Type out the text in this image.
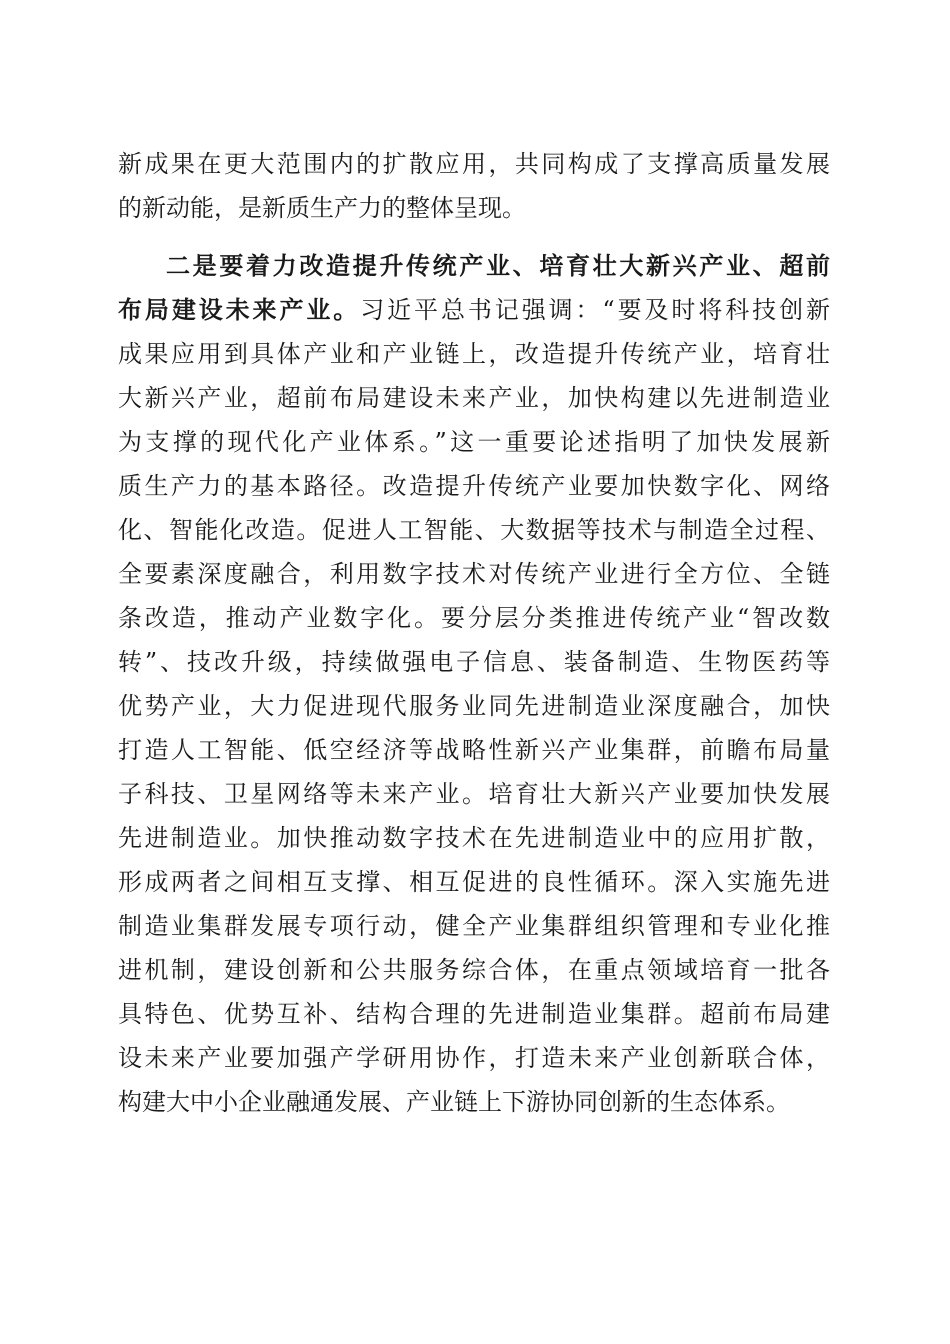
新成果在更大范围内的扩散应用，共同构成了支撑高质量发展
的新动能，是新质生产力的整体呈现。
二是要着力改造提升传统产业、培育壮大新兴产业、超前
布局建设未来产业。习近平总书记强调：“要及时将科技创新
成果应用到具体产业和产业链上，改造提升传统产业，培育壮
大新兴产业，超前布局建设未来产业，加快构建以先进制造业
为支撑的现代化产业体系。”这一重要论述指明了加快发展新
质生产力的基本路径。改造提升传统产业要加快数字化、网络
化、智能化改造。促进人工智能、大数据等技术与制造全过程、
全要素深度融合，利用数字技术对传统产业进行全方位、全链
条改造，推动产业数字化。要分层分类推进传统产业“智改数
转”、技改升级，持续做强电子信息、装备制造、生物医药等
优势产业，大力促进现代服务业同先进制造业深度融合，加快
打造人工智能、低空经济等战略性新兴产业集群，前瞻布局量
子科技、卫星网络等未来产业。培育壮大新兴产业要加快发展
先进制造业。加快推动数字技术在先进制造业中的应用扩散，
形成两者之间相互支撑、相互促进的良性循环。深入实施先进
制造业集群发展专项行动，健全产业集群组织管理和专业化推
进机制，建设创新和公共服务综合体，在重点领域培育一批各
具特色、优势互补、结构合理的先进制造业集群。超前布局建
设未来产业要加强产学研用协作，打造未来产业创新联合体，
构建大中小企业融通发展、产业链上下游协同创新的生态体系。
